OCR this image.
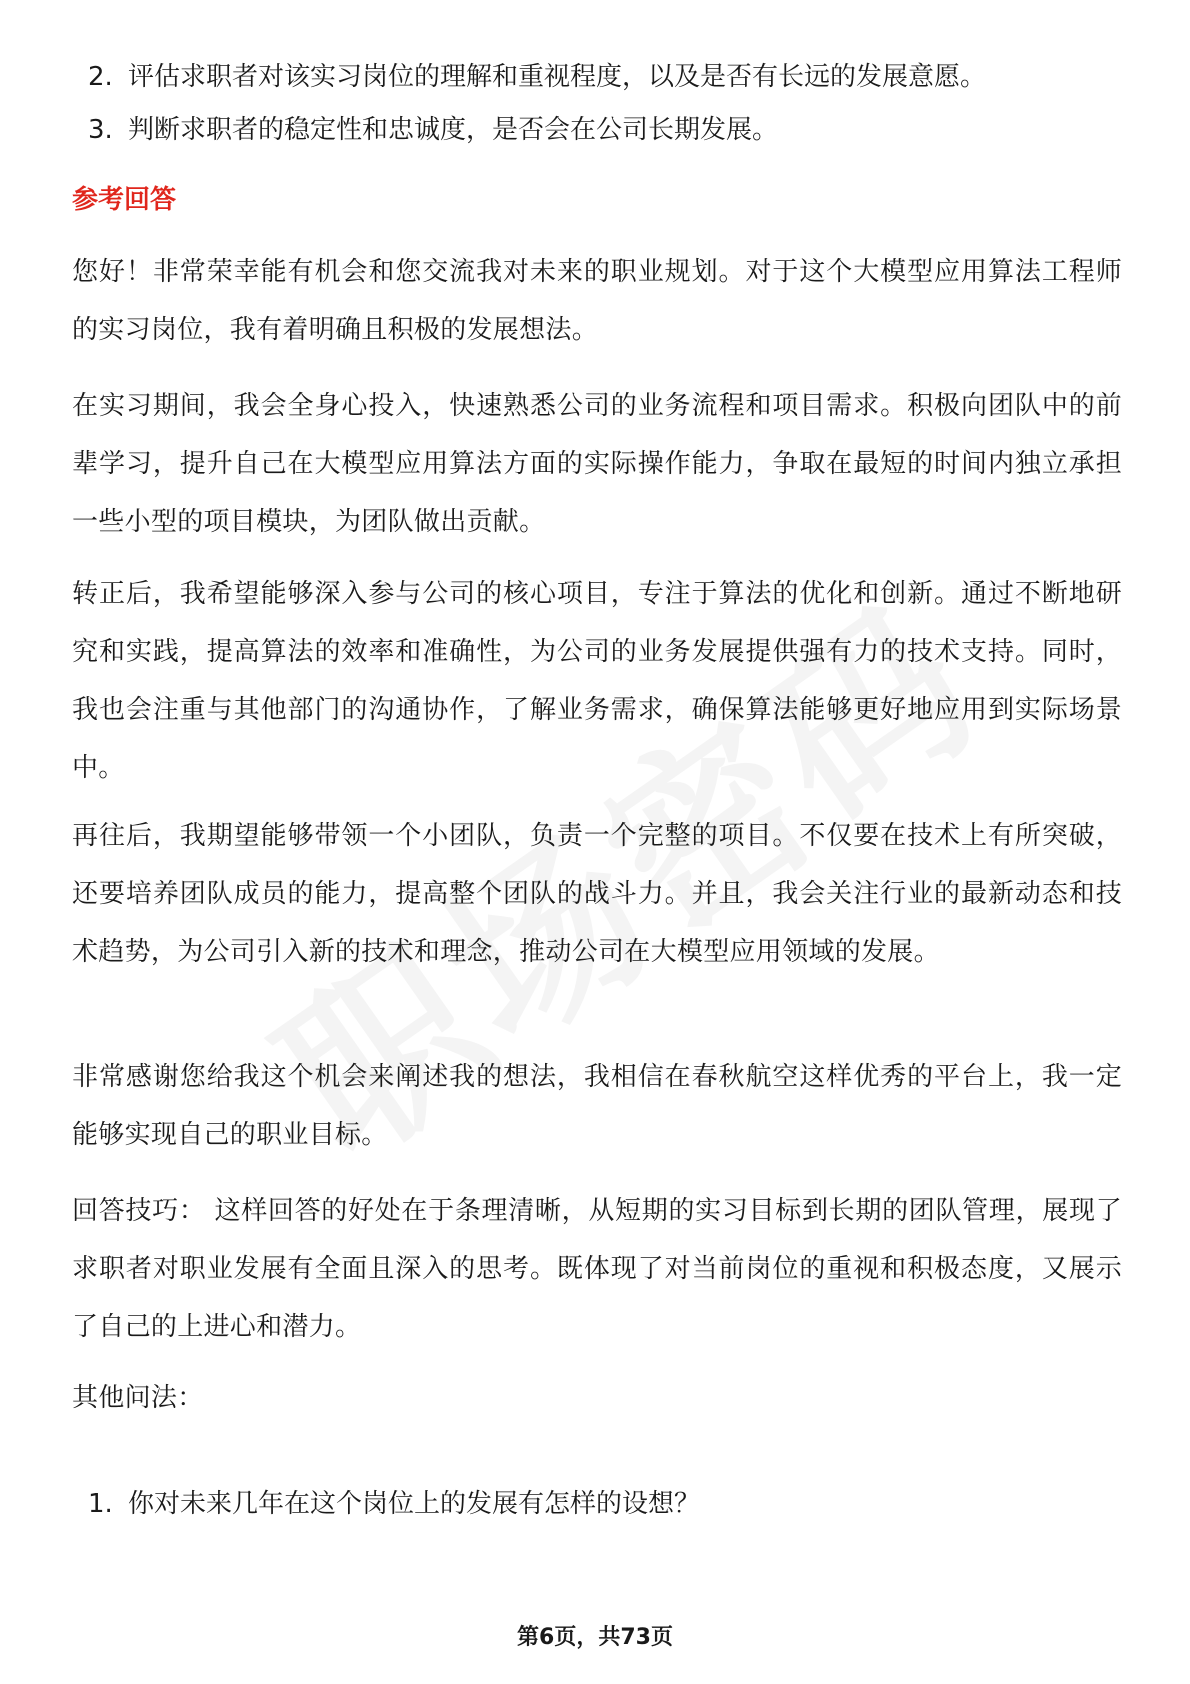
2. 评估求职者对该实习岗位的理解和重视程度，以及是否有长远的发展意愿。
3. 判断求职者的稳定性和忠诚度，是否会在公司长期发展。
参考回答
您好！非常荣幸能有机会和您交流我对未来的职业规划。对于这个大模型应用算法工程师的实习岗位，我有着明确且积极的发展想法。
在实习期间，我会全身心投入，快速熟悉公司的业务流程和项目需求。积极向团队中的前辈学习，提升自己在大模型应用算法方面的实际操作能力，争取在最短的时间内独立承担一些小型的项目模块，为团队做出贡献。
转正后，我希望能够深入参与公司的核心项目，专注于算法的优化和创新。通过不断地研究和实践，提高算法的效率和准确性，为公司的业务发展提供强有力的技术支持。同时，我也会注重与其他部门的沟通协作，了解业务需求，确保算法能够更好地应用到实际场景中。
再往后，我期望能够带领一个小团队，负责一个完整的项目。不仅要在技术上有所突破，还要培养团队成员的能力，提高整个团队的战斗力。并且，我会关注行业的最新动态和技术趋势，为公司引入新的技术和理念，推动公司在大模型应用领域的发展。
非常感谢您给我这个机会来阐述我的想法，我相信在春秋航空这样优秀的平台上，我一定能够实现自己的职业目标。
回答技巧： 这样回答的好处在于条理清晰，从短期的实习目标到长期的团队管理，展现了求职者对职业发展有全面且深入的思考。既体现了对当前岗位的重视和积极态度，又展示了自己的上进心和潜力。
其他问法：
1. 你对未来几年在这个岗位上的发展有怎样的设想？
第6页，共73页
